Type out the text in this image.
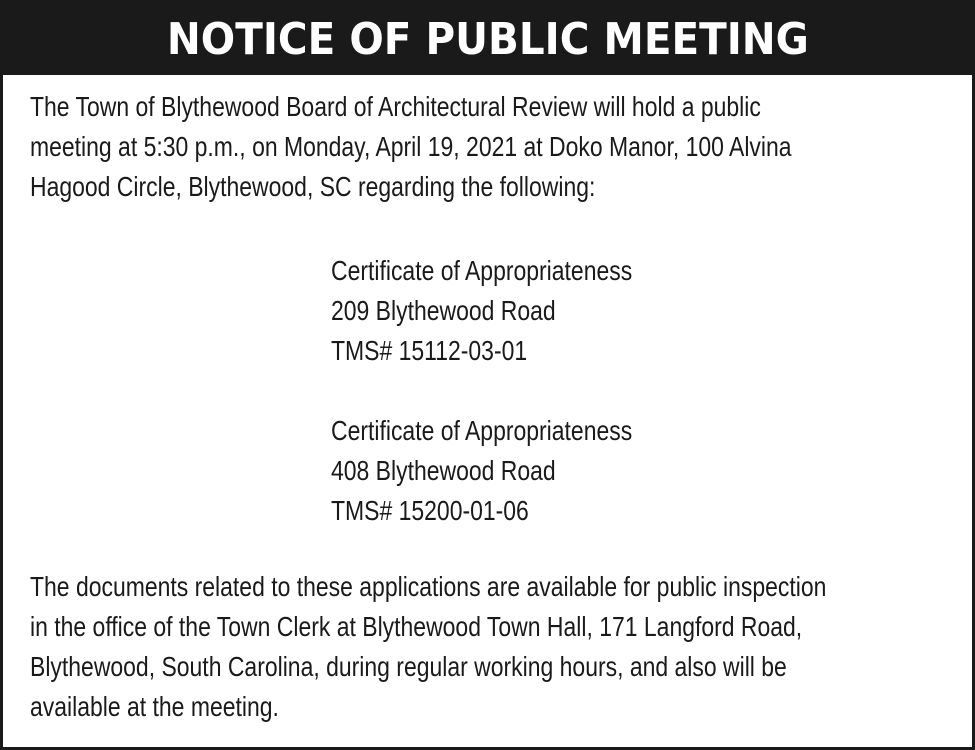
NOTICE OF PUBLIC MEETING
The Town of Blythewood Board of Architectural Review will hold a public
meeting at 5:30 p.m., on Monday, April 19, 2021 at Doko Manor, 100 Alvina
Hagood Circle, Blythewood, SC regarding the following:
Certificate of Appropriateness
209 Blythewood Road
TMS# 15112-03-01
Certificate of Appropriateness
408 Blythewood Road
TMS# 15200-01-06
The documents related to these applications are available for public inspection
in the office of the Town Clerk at Blythewood Town Hall, 171 Langford Road,
Blythewood, South Carolina, during regular working hours, and also will be
available at the meeting.
